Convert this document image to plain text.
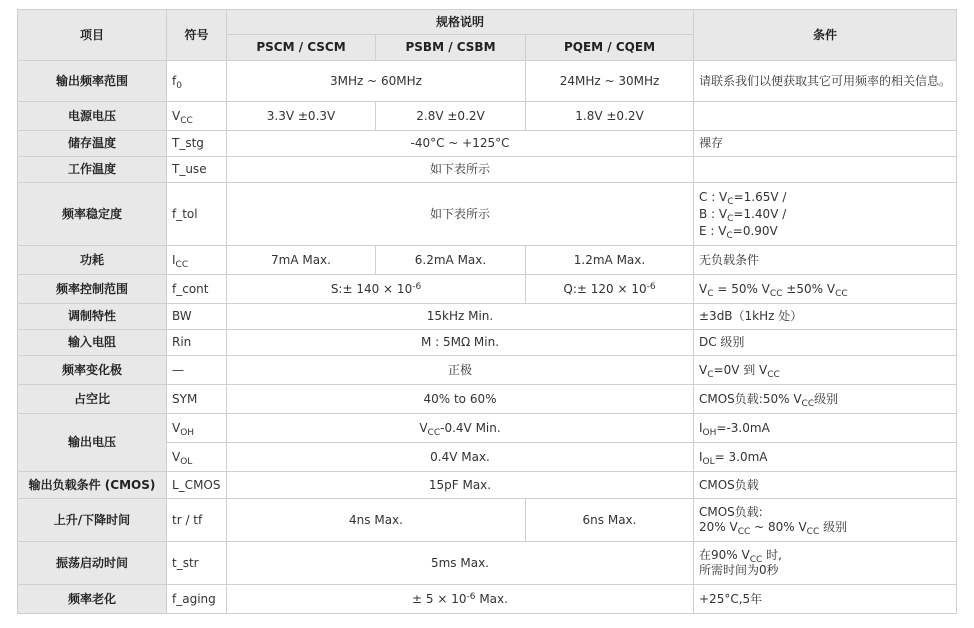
项目	符号	规格说明			条件
		PSCM / CSCM	PSBM / CSBM	PQEM / CQEM	
输出频率范围	$f_0$	3MHz ~ 60MHz		24MHz ~ 30MHz	请联系我们以便获取其它可用频率的相关信息。
电源电压	$V_{CC}$	3.3V ±0.3V	2.8V ±0.2V	1.8V ±0.2V	
储存温度	T_stg	-40°C ~ +125°C			裸存
工作温度	T_use	如下表所示			
频率稳定度	f_tol	如下表所示			C : $V_C=1.65V$ /
B : $V_C=1.40V$ /
E : $V_C=0.90V$

功耗	$I_{CC}$	7mA Max.	6.2mA Max.	1.2mA Max.	无负载条件
频率控制范围	f_cont	S:± $140 \times 10^{-6}$		Q:± $120 \times 10^{-6}$	$V_C = 50\%$ $V_{CC} \pm 50\%$ $V_{CC}$
调制特性	BW	15kHz Min.			±3dB（1kHz 处）
输入电阻	Rin	M : 5MΩ Min.			DC 级别
频率变化极	—	正极			$V_C=0V$ 到 $V_{CC}$
占空比	SYM	40% to 60%			CMOS负载:50% $V_{CC}$级别
输出电压	$V_{OH}$	$V_{CC}-0.4V$ Min.			$I_{OH}=-3.0mA$
	$V_{OL}$	0.4V Max.			$I_{OL}= 3.0mA$
输出负载条件 (CMOS)	L_CMOS	15pF Max.			CMOS负载
上升/下降时间	tr / tf	4ns Max.		6ns Max.	CMOS负载:
20% $V_{CC}$ ~ 80% $V_{CC}$ 级别

振荡启动时间	t_str	5ms Max.			在90% $V_{CC}$ 时,
所需时间为0秒

频率老化	f_aging	± $5 \times 10^{-6}$ Max.			+25°C,5年
